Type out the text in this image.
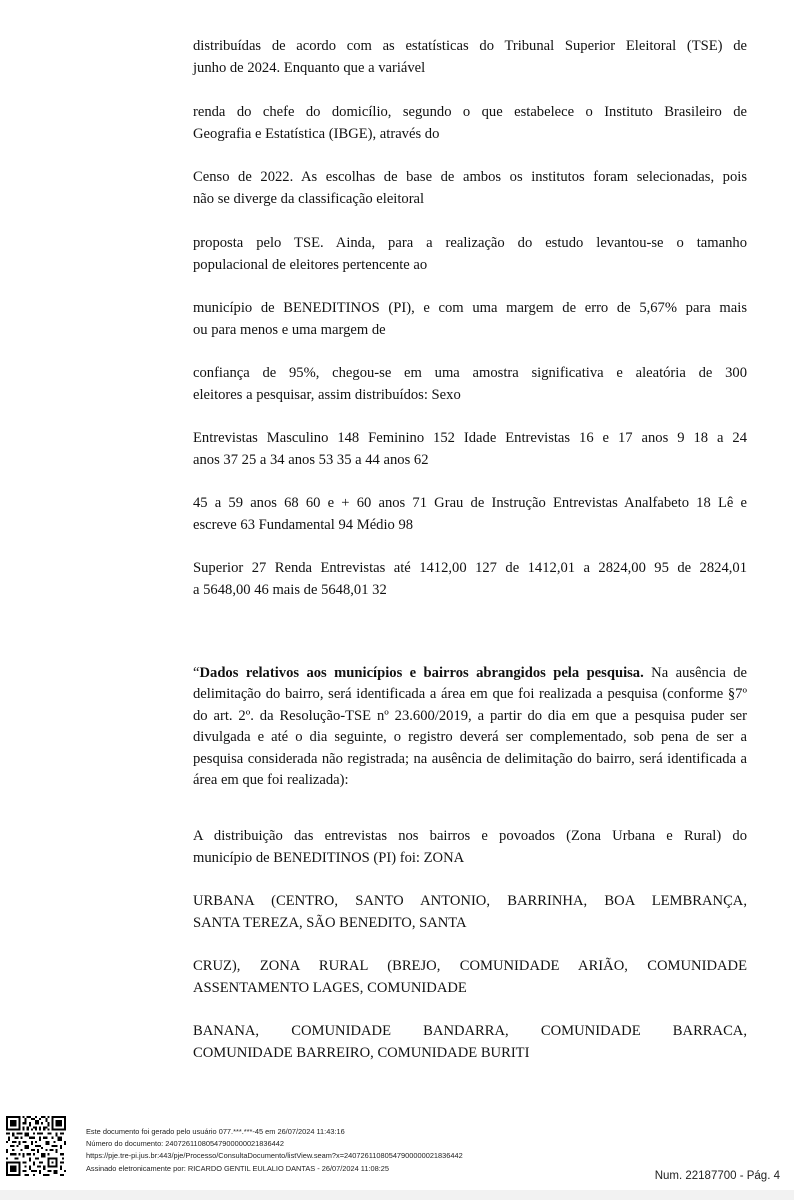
distribuídas de acordo com as estatísticas do Tribunal Superior Eleitoral (TSE) de
junho de 2024. Enquanto que a variável
renda do chefe do domicílio, segundo o que estabelece o Instituto Brasileiro de
Geografia e Estatística (IBGE), através do
Censo de 2022. As escolhas de base de ambos os institutos foram selecionadas, pois
não se diverge da classificação eleitoral
proposta pelo TSE. Ainda, para a realização do estudo levantou-se o tamanho
populacional de eleitores pertencente ao
município de BENEDITINOS (PI), e com uma margem de erro de 5,67% para mais
ou para menos e uma margem de
confiança de 95%, chegou-se em uma amostra significativa e aleatória de 300
eleitores a pesquisar, assim distribuídos: Sexo
Entrevistas Masculino 148 Feminino 152 Idade Entrevistas 16 e 17 anos 9 18 a 24
anos 37 25 a 34 anos 53 35 a 44 anos 62
45 a 59 anos 68 60 e + 60 anos 71 Grau de Instrução Entrevistas Analfabeto 18 Lê e
escreve 63 Fundamental 94 Médio 98
Superior 27 Renda Entrevistas até 1412,00 127 de 1412,01 a 2824,00 95 de 2824,01
a 5648,00 46 mais de 5648,01 32

“Dados relativos aos municípios e bairros abrangidos pela pesquisa. Na ausência de delimitação do bairro, será identificada a área em que foi realizada a pesquisa (conforme §7º do art. 2º. da Resolução-TSE nº 23.600/2019, a partir do dia em que a pesquisa puder ser divulgada e até o dia seguinte, o registro deverá ser complementado, sob pena de ser a pesquisa considerada não registrada; na ausência de delimitação do bairro, será identificada a área em que foi realizada):

A distribuição das entrevistas nos bairros e povoados (Zona Urbana e Rural) do
município de BENEDITINOS (PI) foi: ZONA
URBANA (CENTRO, SANTO ANTONIO, BARRINHA, BOA LEMBRANÇA,
SANTA TEREZA, SÃO BENEDITO, SANTA
CRUZ), ZONA RURAL (BREJO, COMUNIDADE ARIÃO, COMUNIDADE
ASSENTAMENTO LAGES, COMUNIDADE
BANANA, COMUNIDADE BANDARRA, COMUNIDADE BARRACA,
COMUNIDADE BARREIRO, COMUNIDADE BURITI
Este documento foi gerado pelo usuário 077.***.***-45 em 26/07/2024 11:43:16
Número do documento: 24072611080547900000021836442
https://pje.tre-pi.jus.br:443/pje/Processo/ConsultaDocumento/listView.seam?x=24072611080547900000021836442
Assinado eletronicamente por: RICARDO GENTIL EULALIO DANTAS - 26/07/2024 11:08:25
Num. 22187700 - Pág. 4
